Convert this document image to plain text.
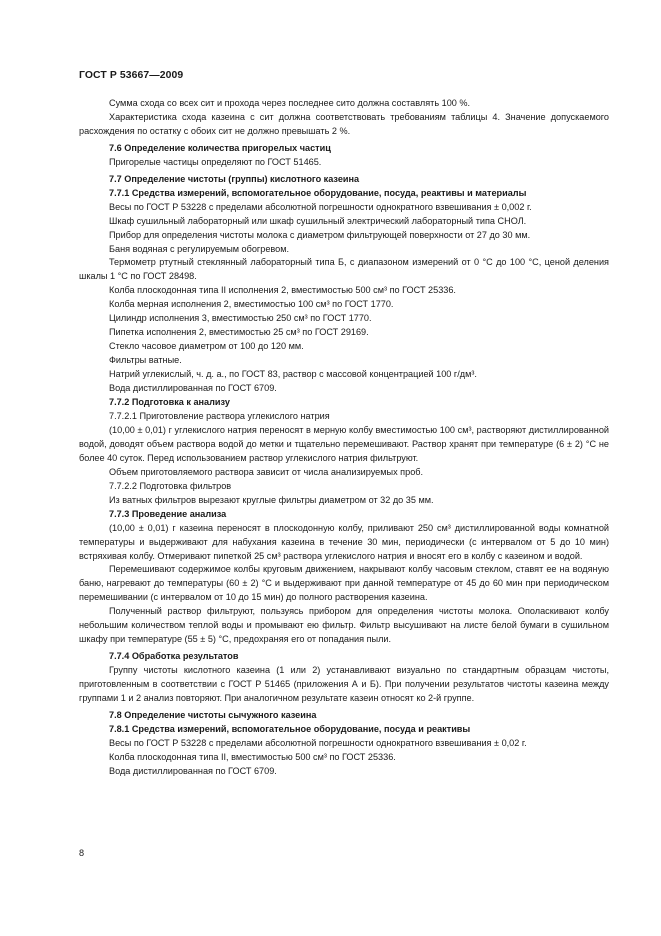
ГОСТ Р 53667—2009

Сумма схода со всех сит и прохода через последнее сито должна составлять 100 %.

Характеристика схода казеина с сит должна соответствовать требованиям таблицы 4. Значение допускаемого расхождения по остатку с обоих сит не должно превышать 2 %.

7.6 Определение количества пригорелых частиц

Пригорелые частицы определяют по ГОСТ 51465.

7.7 Определение чистоты (группы) кислотного казеина

7.7.1 Средства измерений, вспомогательное оборудование, посуда, реактивы и материалы

Весы по ГОСТ Р 53228 с пределами абсолютной погрешности однократного взвешивания ± 0,002 г.

Шкаф сушильный лабораторный или шкаф сушильный электрический лабораторный типа СНОЛ.

Прибор для определения чистоты молока с диаметром фильтрующей поверхности от 27 до 30 мм.

Баня водяная с регулируемым обогревом.

Термометр ртутный стеклянный лабораторный типа Б, с диапазоном измерений от 0 °С до 100 °С, ценой деления шкалы 1 °С по ГОСТ 28498.

Колба плоскодонная типа II исполнения 2, вместимостью 500 см³ по ГОСТ 25336.

Колба мерная исполнения 2, вместимостью 100 см³ по ГОСТ 1770.

Цилиндр исполнения 3, вместимостью 250 см³ по ГОСТ 1770.

Пипетка исполнения 2, вместимостью 25 см³ по ГОСТ 29169.

Стекло часовое диаметром от 100 до 120 мм.

Фильтры ватные.

Натрий углекислый, ч. д. а., по ГОСТ 83, раствор с массовой концентрацией 100 г/дм³.

Вода дистиллированная по ГОСТ 6709.

7.7.2 Подготовка к анализу

7.7.2.1 Приготовление раствора углекислого натрия

(10,00 ± 0,01) г углекислого натрия переносят в мерную колбу вместимостью 100 см³, растворяют дистиллированной водой, доводят объем раствора водой до метки и тщательно перемешивают. Раствор хранят при температуре (6 ± 2) °С не более 40 суток. Перед использованием раствор углекислого натрия фильтруют.

Объем приготовляемого раствора зависит от числа анализируемых проб.

7.7.2.2 Подготовка фильтров

Из ватных фильтров вырезают круглые фильтры диаметром от 32 до 35 мм.

7.7.3 Проведение анализа

(10,00 ± 0,01) г казеина переносят в плоскодонную колбу, приливают 250 см³ дистиллированной воды комнатной температуры и выдерживают для набухания казеина в течение 30 мин, периодически (с интервалом от 5 до 10 мин) встряхивая колбу. Отмеривают пипеткой 25 см³ раствора углекислого натрия и вносят его в колбу с казеином и водой.

Перемешивают содержимое колбы круговым движением, накрывают колбу часовым стеклом, ставят ее на водяную баню, нагревают до температуры (60 ± 2) °С и выдерживают при данной температуре от 45 до 60 мин при периодическом перемешивании (с интервалом от 10 до 15 мин) до полного растворения казеина.

Полученный раствор фильтруют, пользуясь прибором для определения чистоты молока. Ополаскивают колбу небольшим количеством теплой воды и промывают ею фильтр. Фильтр высушивают на листе белой бумаги в сушильном шкафу при температуре (55 ± 5) °С, предохраняя его от попадания пыли.

7.7.4 Обработка результатов

Группу чистоты кислотного казеина (1 или 2) устанавливают визуально по стандартным образцам чистоты, приготовленным в соответствии с ГОСТ Р 51465 (приложения А и Б). При получении результатов чистоты казеина между группами 1 и 2 анализ повторяют. При аналогичном результате казеин относят ко 2-й группе.

7.8 Определение чистоты сычужного казеина

7.8.1 Средства измерений, вспомогательное оборудование, посуда и реактивы

Весы по ГОСТ Р 53228 с пределами абсолютной погрешности однократного взвешивания ± 0,02 г.

Колба плоскодонная типа II, вместимостью 500 см³ по ГОСТ 25336.

Вода дистиллированная по ГОСТ 6709.

8
